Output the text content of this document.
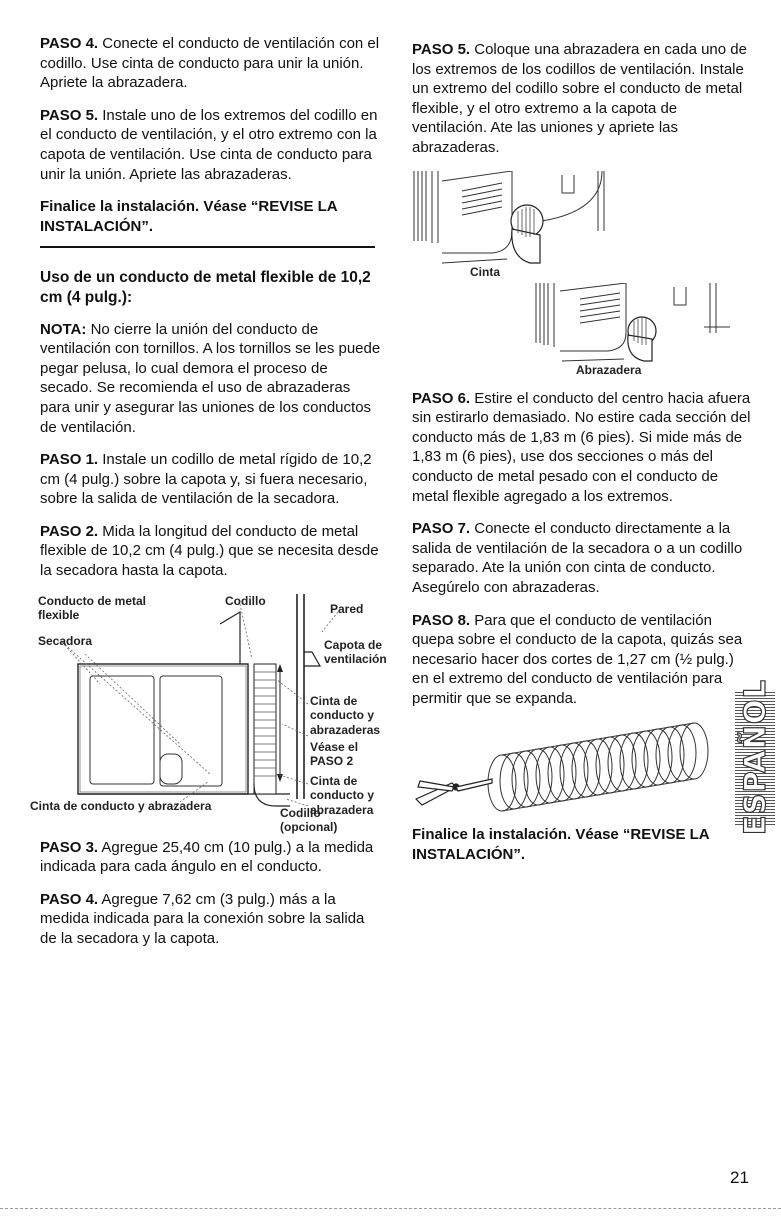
PASO 4. Conecte el conducto de ventilación con el codillo. Use cinta de conducto para unir la unión. Apriete la abrazadera.

PASO 5. Instale uno de los extremos del codillo en el conducto de ventilación, y el otro extremo con la capota de ventilación. Use cinta de conducto para unir la unión. Apriete las abrazaderas.

Finalice la instalación. Véase “REVISE LA INSTALACIÓN”.

Uso de un conducto de metal flexible de 10,2 cm (4 pulg.):

NOTA: No cierre la unión del conducto de ventilación con tornillos. A los tornillos se les puede pegar pelusa, lo cual demora el proceso de secado. Se recomienda el uso de abrazaderas para unir y asegurar las uniones de los conductos de ventilación.

PASO 1. Instale un codillo de metal rígido de 10,2 cm (4 pulg.) sobre la capota y, si fuera necesario, sobre la salida de ventilación de la secadora.

PASO 2. Mida la longitud del conducto de metal flexible de 10,2 cm (4 pulg.) que se necesita desde la secadora hasta la capota.

Conducto de metal flexible
Codillo
Pared
Secadora	Capota de ventilación
Cinta de conducto y abrazaderas
Véase el PASO 2
Cinta de conducto y abrazadera
Cinta de conducto y abrazadera	Codillo (opcional)

PASO 3. Agregue 25,40 cm (10 pulg.) a la medida indicada para cada ángulo en el conducto.

PASO 4. Agregue 7,62 cm (3 pulg.) más a la medida indicada para la conexión sobre la salida de la secadora y la capota.

PASO 5. Coloque una abrazadera en cada uno de los extremos de los codillos de ventilación. Instale un extremo del codillo sobre el conducto de metal flexible, y el otro extremo a la capota de ventilación. Ate las uniones y apriete las abrazaderas.

Cinta
Abrazadera

PASO 6. Estire el conducto del centro hacia afuera sin estirarlo demasiado. No estire cada sección del conducto más de 1,83 m (6 pies). Si mide más de 1,83 m (6 pies), use dos secciones o más del conducto de metal pesado con el conducto de metal flexible agregado a los extremos.

PASO 7. Conecte el conducto directamente a la salida de ventilación de la secadora o a un codillo separado. Ate la unión con cinta de conducto. Asegúrelo con abrazaderas.

PASO 8. Para que el conducto de ventilación quepa sobre el conducto de la capota, quizás sea necesario hacer dos cortes de 1,27 cm (½ pulg.) en el extremo del conducto de ventilación para permitir que se expanda.

Finalice la instalación. Véase “REVISE LA INSTALACIÓN”.

ESPAÑOL
21
